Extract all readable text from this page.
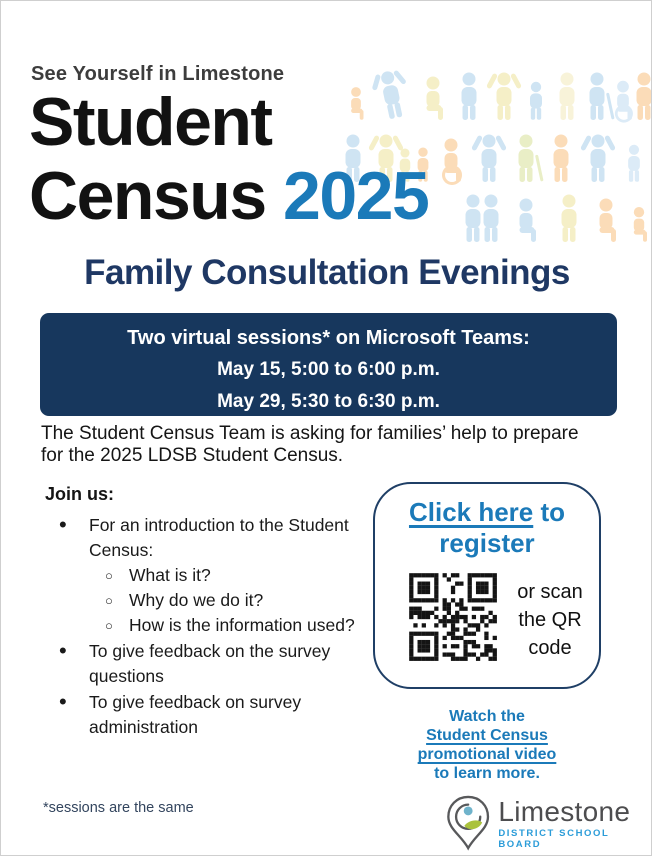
See Yourself in Limestone
Student
Census 2025
Family Consultation Evenings
Two virtual sessions* on Microsoft Teams:
May 15, 5:00 to 6:00 p.m.
May 29, 5:30 to 6:30 p.m.

The Student Census Team is asking for families’ help to prepare for the 2025 LDSB Student Census.

Join us:
• For an introduction to the Student Census:
○ What is it?
○ Why do we do it?
○ How is the information used?
• To give feedback on the survey questions
• To give feedback on survey administration
Click here to register
or scan the QR code
Watch the
Student Census promotional video
to learn more.
*sessions are the same	Limestone
DISTRICT SCHOOL BOARD
